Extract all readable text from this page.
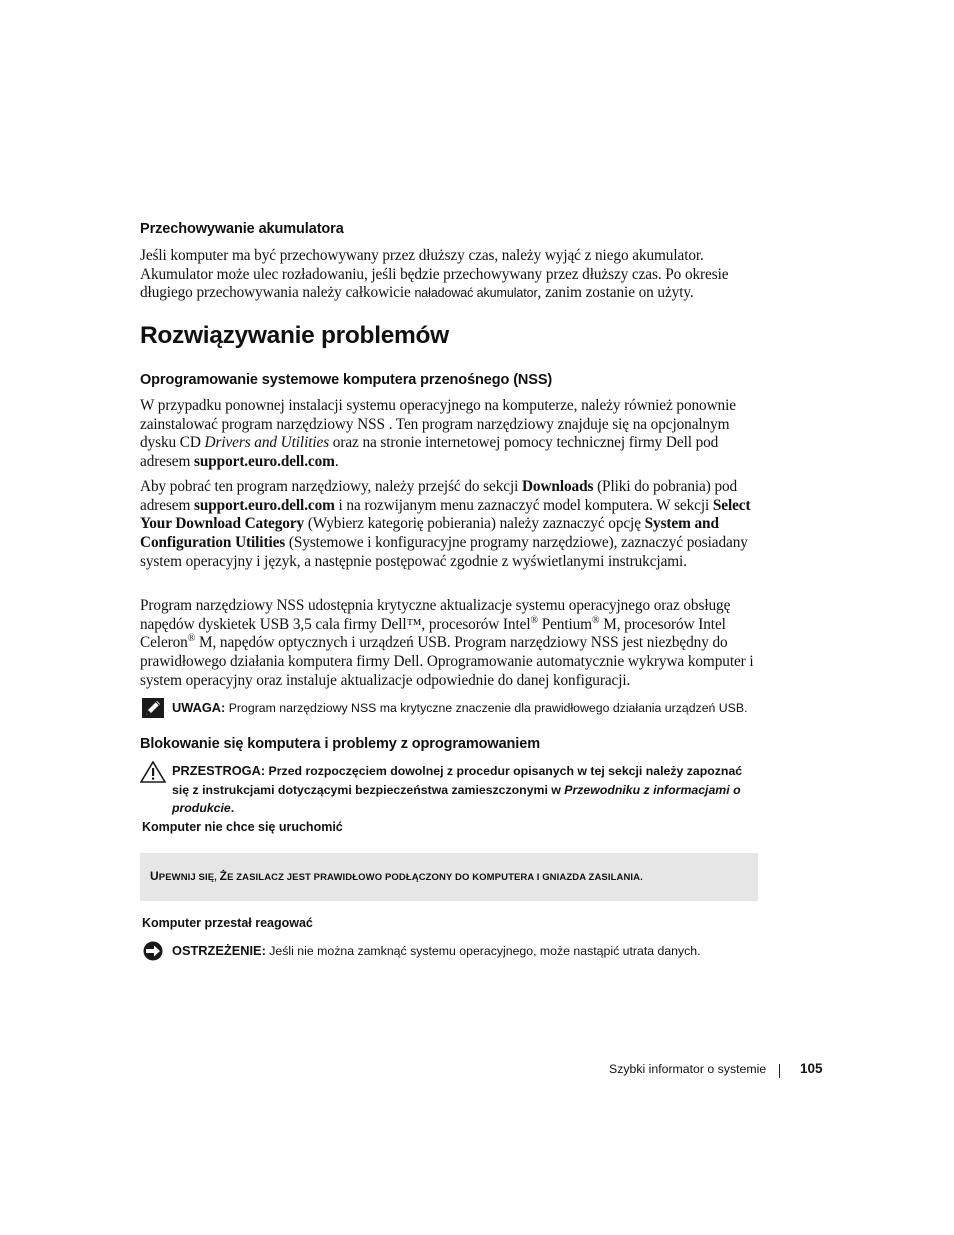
Przechowywanie akumulatora
Jeśli komputer ma być przechowywany przez dłuższy czas, należy wyjąć z niego akumulator. Akumulator może ulec rozładowaniu, jeśli będzie przechowywany przez dłuższy czas. Po okresie długiego przechowywania należy całkowicie naładować akumulator, zanim zostanie on użyty.
Rozwiązywanie problemów
Oprogramowanie systemowe komputera przenośnego (NSS)
W przypadku ponownej instalacji systemu operacyjnego na komputerze, należy również ponownie zainstalować program narzędziowy NSS . Ten program narzędziowy znajduje się na opcjonalnym dysku CD Drivers and Utilities oraz na stronie internetowej pomocy technicznej firmy Dell pod adresem support.euro.dell.com.
Aby pobrać ten program narzędziowy, należy przejść do sekcji Downloads (Pliki do pobrania) pod adresem support.euro.dell.com i na rozwijanym menu zaznaczyć model komputera. W sekcji Select Your Download Category (Wybierz kategorię pobierania) należy zaznaczyć opcję System and Configuration Utilities (Systemowe i konfiguracyjne programy narzędziowe), zaznaczyć posiadany system operacyjny i język, a następnie postępować zgodnie z wyświetlanymi instrukcjami.
Program narzędziowy NSS udostępnia krytyczne aktualizacje systemu operacyjnego oraz obsługę napędów dyskietek USB 3,5 cala firmy Dell™, procesorów Intel® Pentium® M, procesorów Intel Celeron® M, napędów optycznych i urządzeń USB. Program narzędziowy NSS jest niezbędny do prawidłowego działania komputera firmy Dell. Oprogramowanie automatycznie wykrywa komputer i system operacyjny oraz instaluje aktualizacje odpowiednie do danej konfiguracji.
UWAGA: Program narzędziowy NSS ma krytyczne znaczenie dla prawidłowego działania urządzeń USB.
Blokowanie się komputera i problemy z oprogramowaniem
PRZESTROGA: Przed rozpoczęciem dowolnej z procedur opisanych w tej sekcji należy zapoznać się z instrukcjami dotyczącymi bezpieczeństwa zamieszczonymi w Przewodniku z informacjami o produkcie.
Komputer nie chce się uruchomić
UPEWNIJ SIĘ, ŻE ZASILACZ JEST PRAWIDŁOWO PODŁĄCZONY DO KOMPUTERA I GNIAZDA ZASILANIA.
Komputer przestał reagować
OSTRZEŻENIE: Jeśli nie można zamknąć systemu operacyjnego, może nastąpić utrata danych.
Szybki informator o systemie	105
